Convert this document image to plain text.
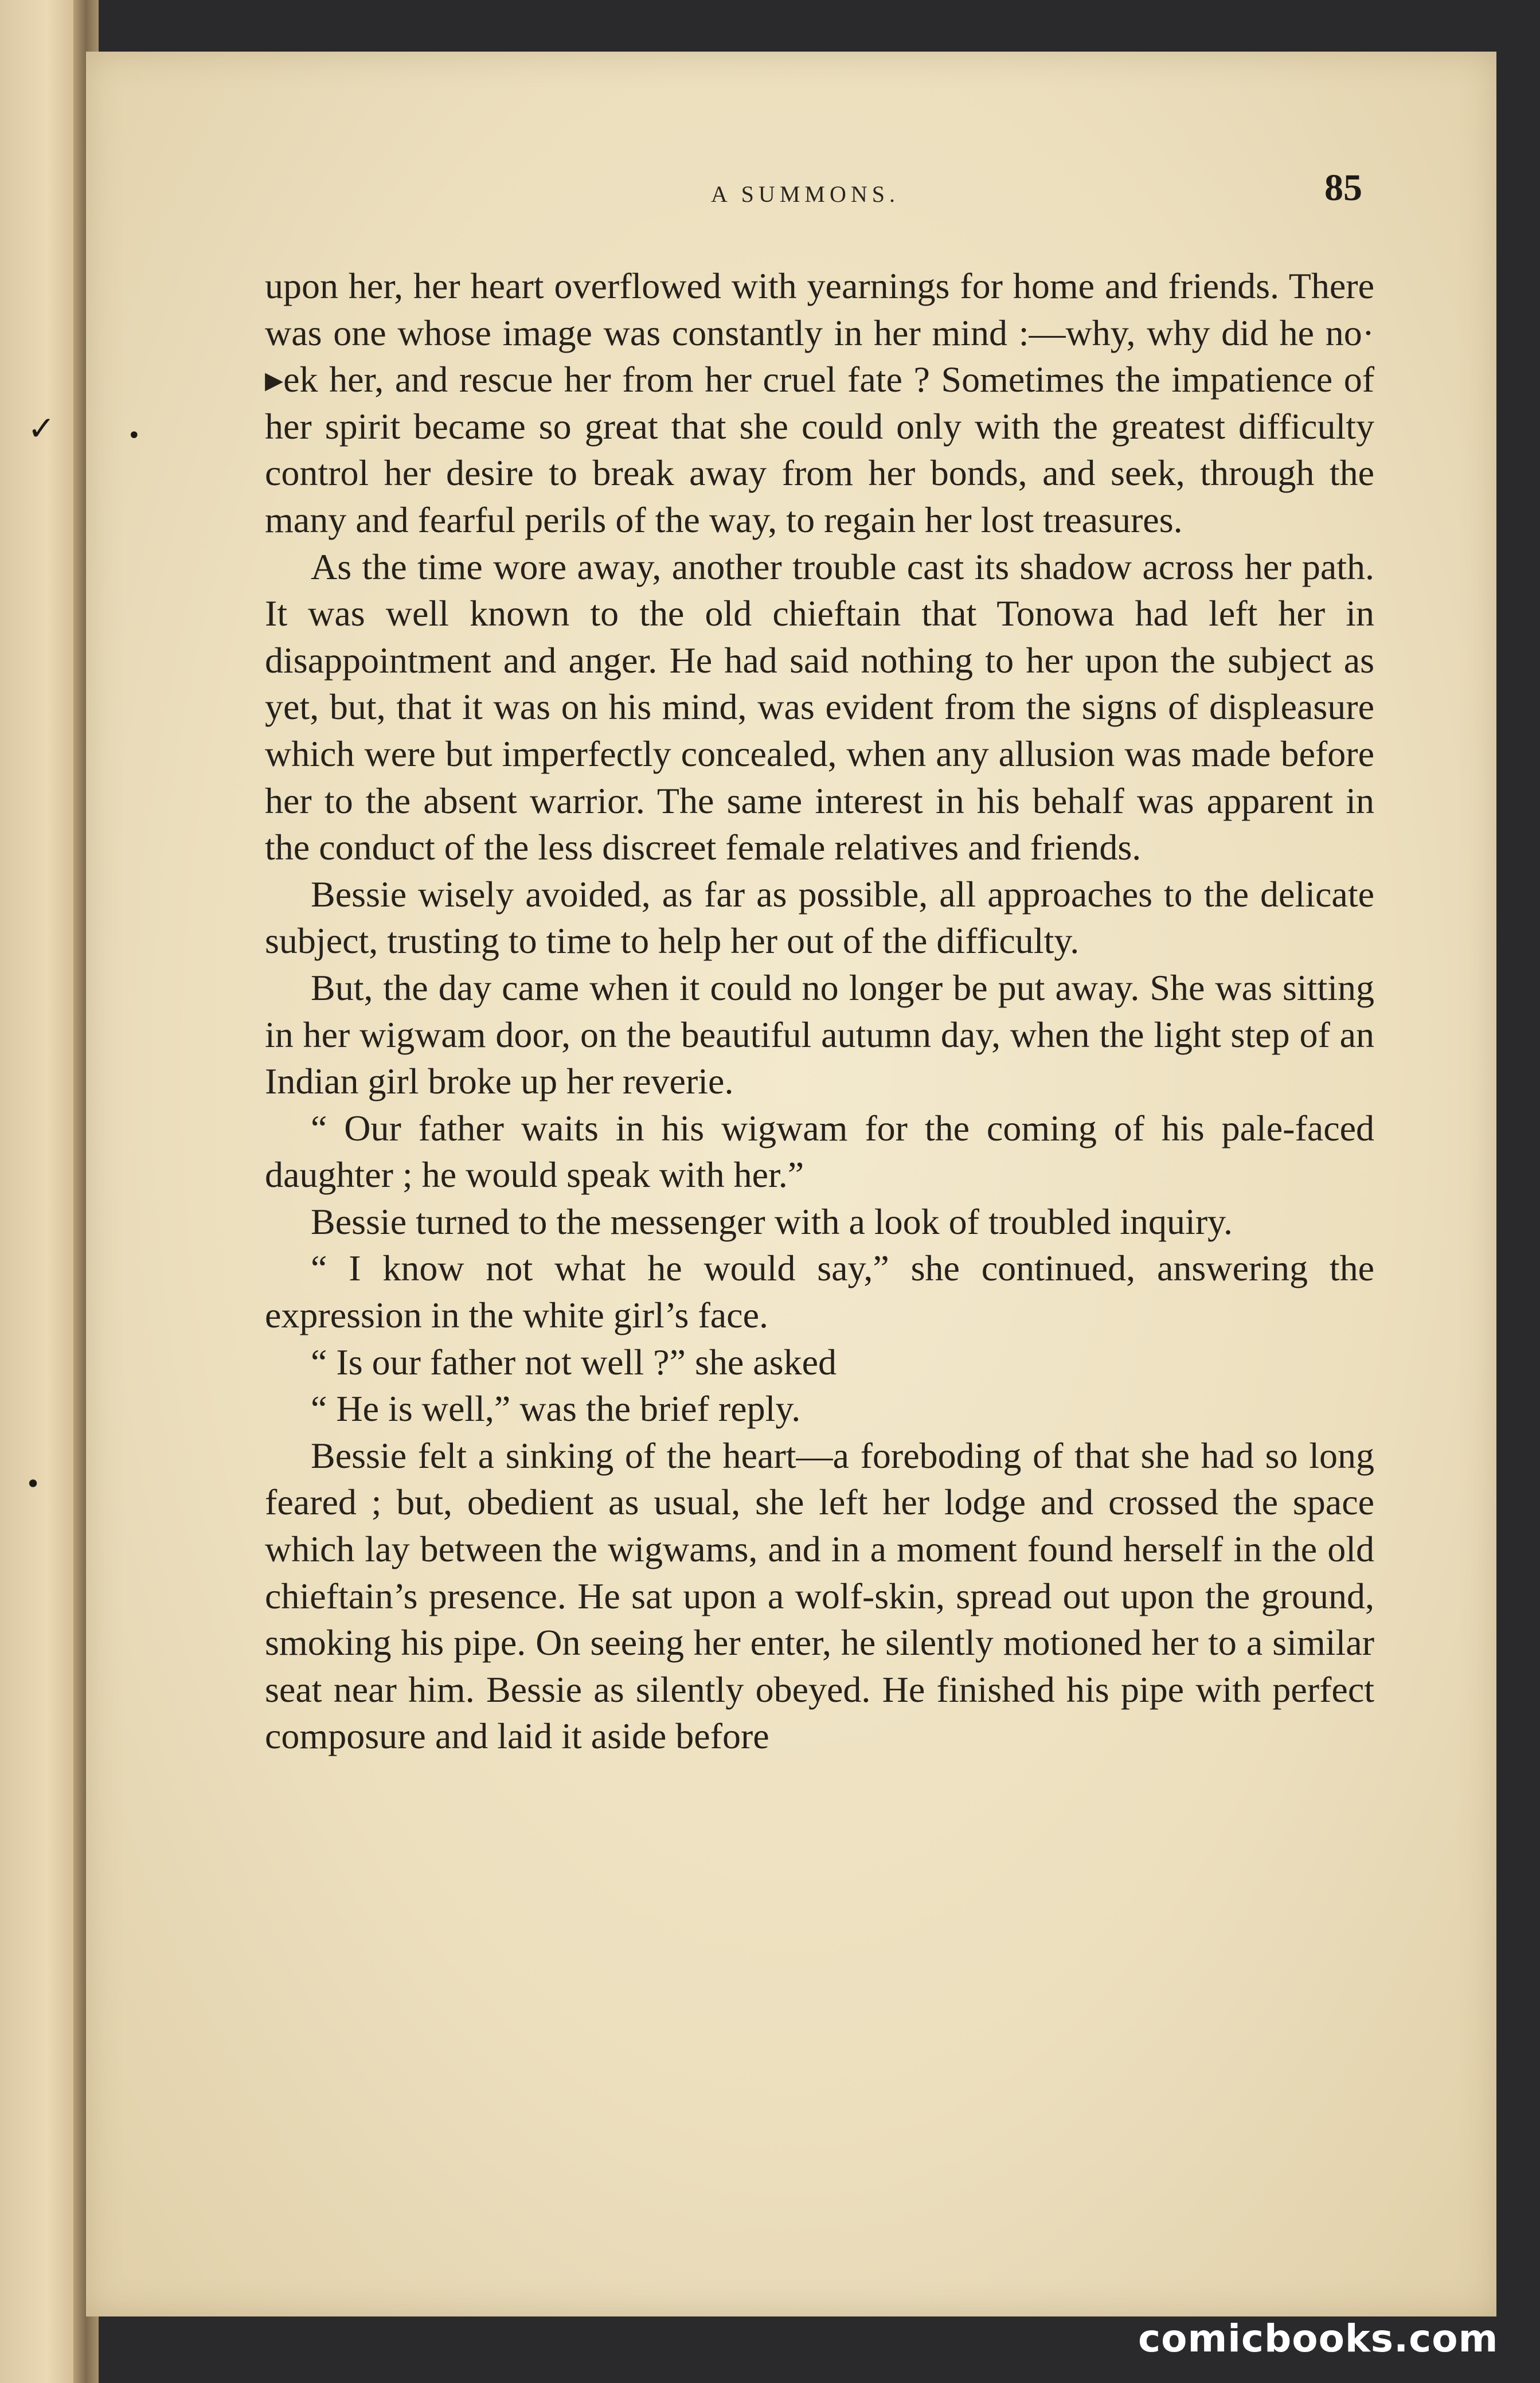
✓	•
•
A SUMMONS.	85

upon her, her heart overflowed with yearnings for home and friends. There was one whose image was constantly in her mind :—why, why did he no· ▸ek her, and rescue her from her cruel fate ? Sometimes the impatience of her spirit became so great that she could only with the greatest difficulty control her desire to break away from her bonds, and seek, through the many and fearful perils of the way, to regain her lost treasures.

As the time wore away, another trouble cast its shadow across her path. It was well known to the old chieftain that Tonowa had left her in disappointment and anger. He had said nothing to her upon the subject as yet, but, that it was on his mind, was evident from the signs of displeasure which were but imperfectly concealed, when any allusion was made before her to the absent warrior. The same interest in his behalf was apparent in the conduct of the less discreet female relatives and friends.

Bessie wisely avoided, as far as possible, all approaches to the delicate subject, trusting to time to help her out of the difficulty.

But, the day came when it could no longer be put away. She was sitting in her wigwam door, on the beautiful autumn day, when the light step of an Indian girl broke up her reverie.

“ Our father waits in his wigwam for the coming of his pale-faced daughter ; he would speak with her.”

Bessie turned to the messenger with a look of troubled inquiry.

“ I know not what he would say,” she continued, answering the expression in the white girl’s face.

“ Is our father not well ?” she asked

“ He is well,” was the brief reply.

Bessie felt a sinking of the heart—a foreboding of that she had so long feared ; but, obedient as usual, she left her lodge and crossed the space which lay between the wigwams, and in a moment found herself in the old chieftain’s presence. He sat upon a wolf-skin, spread out upon the ground, smoking his pipe. On seeing her enter, he silently motioned her to a similar seat near him. Bessie as silently obeyed. He finished his pipe with perfect composure and laid it aside before

comicbooks.com
